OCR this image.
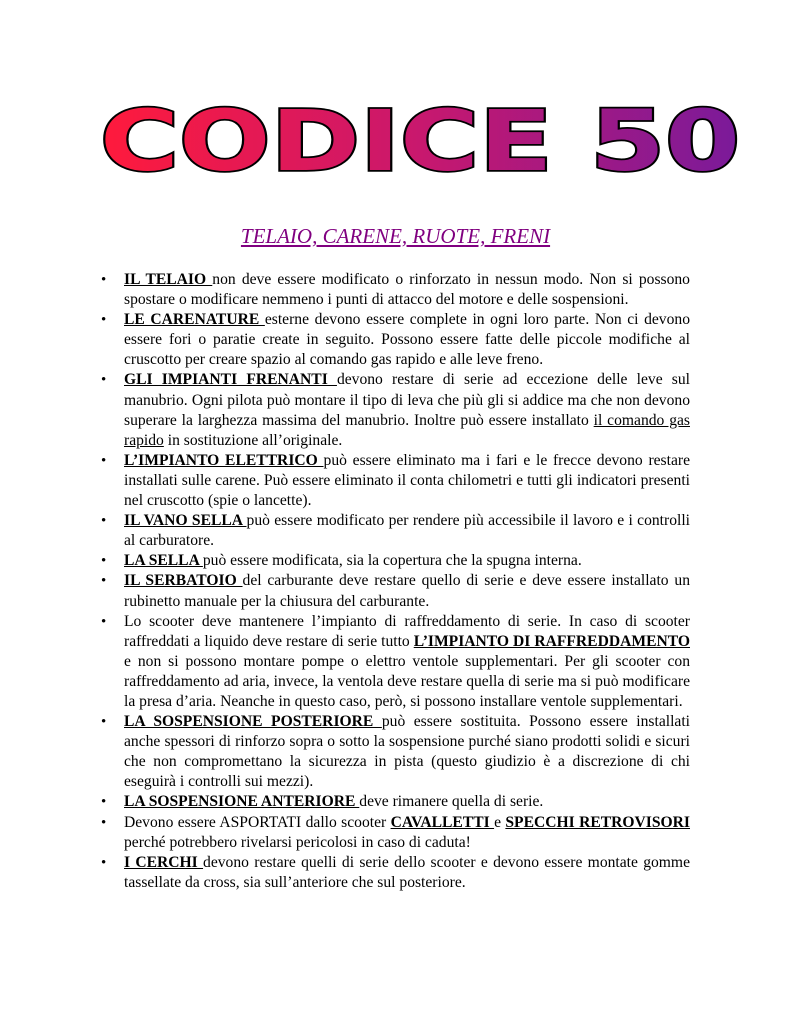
CODICE 50
TELAIO, CARENE, RUOTE, FRENI
• IL TELAIO non deve essere modificato o rinforzato in nessun modo. Non si possono spostare o modificare nemmeno i punti di attacco del motore e delle sospensioni.
• LE CARENATURE esterne devono essere complete in ogni loro parte. Non ci devono essere fori o paratie create in seguito. Possono essere fatte delle piccole modifiche al cruscotto per creare spazio al comando gas rapido e alle leve freno.
• GLI IMPIANTI FRENANTI devono restare di serie ad eccezione delle leve sul manubrio. Ogni pilota può montare il tipo di leva che più gli si addice ma che non devono superare la larghezza massima del manubrio. Inoltre può essere installato il comando gas rapido in sostituzione all’originale.
• L’IMPIANTO ELETTRICO può essere eliminato ma i fari e le frecce devono restare installati sulle carene. Può essere eliminato il conta chilometri e tutti gli indicatori presenti nel cruscotto (spie o lancette).
• IL VANO SELLA può essere modificato per rendere più accessibile il lavoro e i controlli al carburatore.
• LA SELLA può essere modificata, sia la copertura che la spugna interna.
• IL SERBATOIO del carburante deve restare quello di serie e deve essere installato un rubinetto manuale per la chiusura del carburante.
• Lo scooter deve mantenere l’impianto di raffreddamento di serie. In caso di scooter raffreddati a liquido deve restare di serie tutto L’IMPIANTO DI RAFFREDDAMENTO e non si possono montare pompe o elettro ventole supplementari. Per gli scooter con raffreddamento ad aria, invece, la ventola deve restare quella di serie ma si può modificare la presa d’aria. Neanche in questo caso, però, si possono installare ventole supplementari.
• LA SOSPENSIONE POSTERIORE può essere sostituita. Possono essere installati anche spessori di rinforzo sopra o sotto la sospensione purché siano prodotti solidi e sicuri che non compromettano la sicurezza in pista (questo giudizio è a discrezione di chi eseguirà i controlli sui mezzi).
• LA SOSPENSIONE ANTERIORE deve rimanere quella di serie.
• Devono essere ASPORTATI dallo scooter CAVALLETTI e SPECCHI RETROVISORI perché potrebbero rivelarsi pericolosi in caso di caduta!
• I CERCHI devono restare quelli di serie dello scooter e devono essere montate gomme tassellate da cross, sia sull’anteriore che sul posteriore.
